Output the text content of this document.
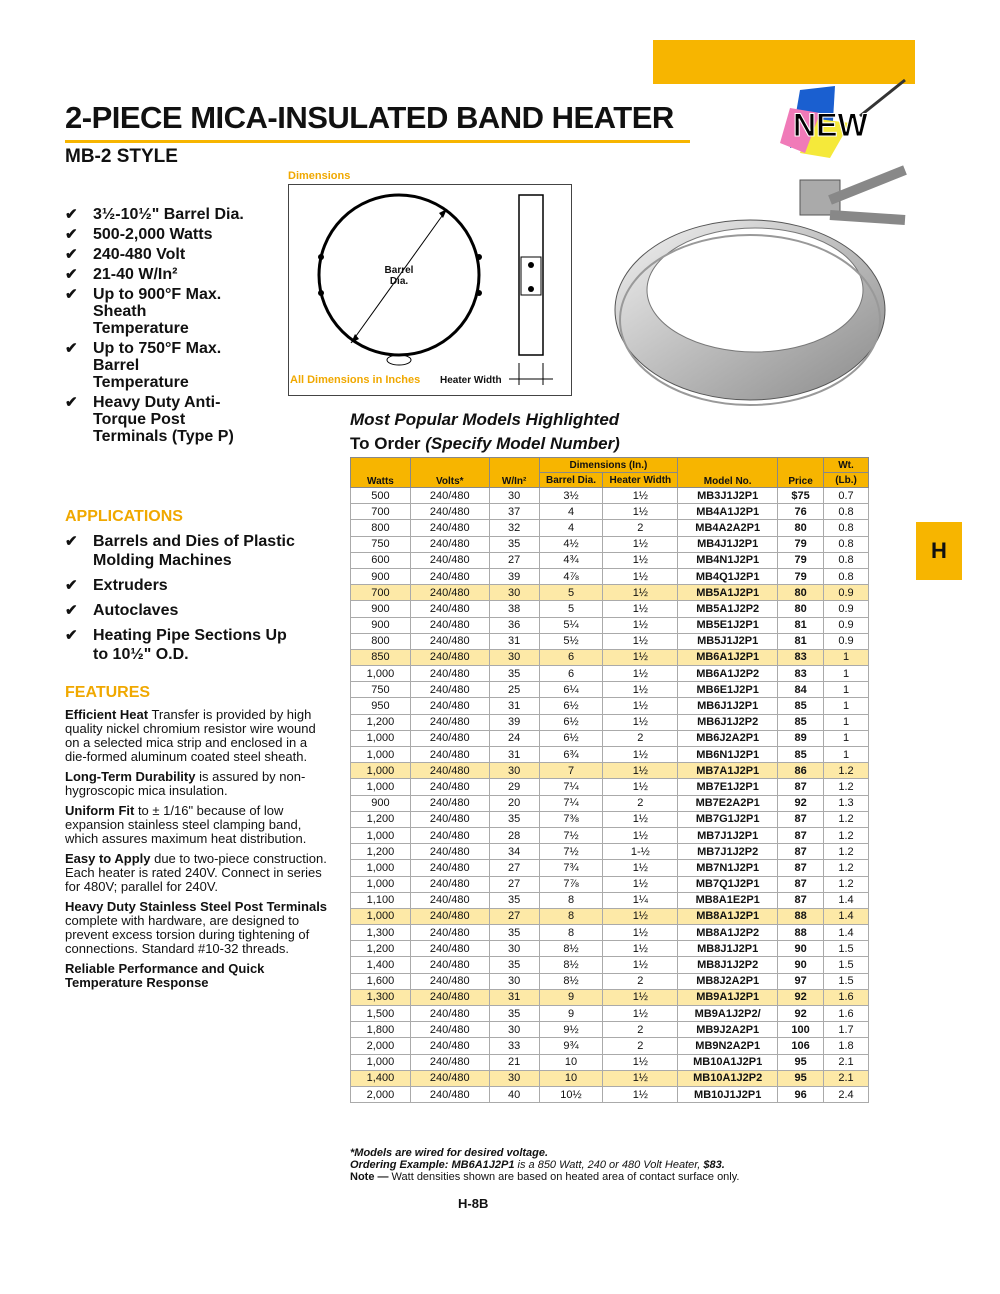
NEW
2-PIECE MICA-INSULATED BAND HEATER
MB-2 STYLE
✔ 3½-10½" Barrel Dia.
✔ 500-2,000 Watts
✔ 240-480 Volt
✔ 21-40 W/In²
✔ Up to 900°F Max. Sheath Temperature
✔ Up to 750°F Max. Barrel Temperature
✔ Heavy Duty Anti-Torque Post Terminals (Type P)
Dimensions
Barrel Dia.
All Dimensions in Inches Heater Width
Most Popular Models Highlighted
To Order (Specify Model Number)
Watts	Volts*	W/In²	Dimensions (In.)		Model No.	Price	Wt.
			Barrel Dia.	Heater Width			(Lb.)
500	240/480	30	3½	1½	MB3J1J2P1	$75	0.7
700	240/480	37	4	1½	MB4A1J2P1	76	0.8
800	240/480	32	4	2	MB4A2A2P1	80	0.8
750	240/480	35	4½	1½	MB4J1J2P1	79	0.8
600	240/480	27	4¾	1½	MB4N1J2P1	79	0.8
900	240/480	39	4⅞	1½	MB4Q1J2P1	79	0.8
700	240/480	30	5	1½	MB5A1J2P1	80	0.9
900	240/480	38	5	1½	MB5A1J2P2	80	0.9
900	240/480	36	5¼	1½	MB5E1J2P1	81	0.9
800	240/480	31	5½	1½	MB5J1J2P1	81	0.9
850	240/480	30	6	1½	MB6A1J2P1	83	1
1,000	240/480	35	6	1½	MB6A1J2P2	83	1
750	240/480	25	6¼	1½	MB6E1J2P1	84	1
950	240/480	31	6½	1½	MB6J1J2P1	85	1
1,200	240/480	39	6½	1½	MB6J1J2P2	85	1
1,000	240/480	24	6½	2	MB6J2A2P1	89	1
1,000	240/480	31	6¾	1½	MB6N1J2P1	85	1
1,000	240/480	30	7	1½	MB7A1J2P1	86	1.2
1,000	240/480	29	7¼	1½	MB7E1J2P1	87	1.2
900	240/480	20	7¼	2	MB7E2A2P1	92	1.3
1,200	240/480	35	7⅜	1½	MB7G1J2P1	87	1.2
1,000	240/480	28	7½	1½	MB7J1J2P1	87	1.2
1,200	240/480	34	7½	1-½	MB7J1J2P2	87	1.2
1,000	240/480	27	7¾	1½	MB7N1J2P1	87	1.2
1,000	240/480	27	7⅞	1½	MB7Q1J2P1	87	1.2
1,100	240/480	35	8	1¼	MB8A1E2P1	87	1.4
1,000	240/480	27	8	1½	MB8A1J2P1	88	1.4
1,300	240/480	35	8	1½	MB8A1J2P2	88	1.4
1,200	240/480	30	8½	1½	MB8J1J2P1	90	1.5
1,400	240/480	35	8½	1½	MB8J1J2P2	90	1.5
1,600	240/480	30	8½	2	MB8J2A2P1	97	1.5
1,300	240/480	31	9	1½	MB9A1J2P1	92	1.6
1,500	240/480	35	9	1½	MB9A1J2P2/	92	1.6
1,800	240/480	30	9½	2	MB9J2A2P1	100	1.7
2,000	240/480	33	9¾	2	MB9N2A2P1	106	1.8
1,000	240/480	21	10	1½	MB10A1J2P1	95	2.1
1,400	240/480	30	10	1½	MB10A1J2P2	95	2.1
2,000	240/480	40	10½	1½	MB10J1J2P1	96	2.4
*Models are wired for desired voltage.
Ordering Example: MB6A1J2P1 is a 850 Watt, 240 or 480 Volt Heater, $83.
Note — Watt densities shown are based on heated area of contact surface only.
H-8B
H
APPLICATIONS
✔ Barrels and Dies of Plastic Molding Machines
✔ Extruders
✔ Autoclaves
✔ Heating Pipe Sections Up to 10½" O.D.
FEATURES
Efficient Heat Transfer is provided by high quality nickel chromium resistor wire wound on a selected mica strip and enclosed in a die-formed aluminum coated steel sheath.
Long-Term Durability is assured by non-hygroscopic mica insulation.
Uniform Fit to ± 1/16" because of low expansion stainless steel clamping band, which assures maximum heat distribution.
Easy to Apply due to two-piece construction. Each heater is rated 240V. Connect in series for 480V; parallel for 240V.
Heavy Duty Stainless Steel Post Terminals complete with hardware, are designed to prevent excess torsion during tightening of connections. Standard #10-32 threads.
Reliable Performance and Quick Temperature Response
